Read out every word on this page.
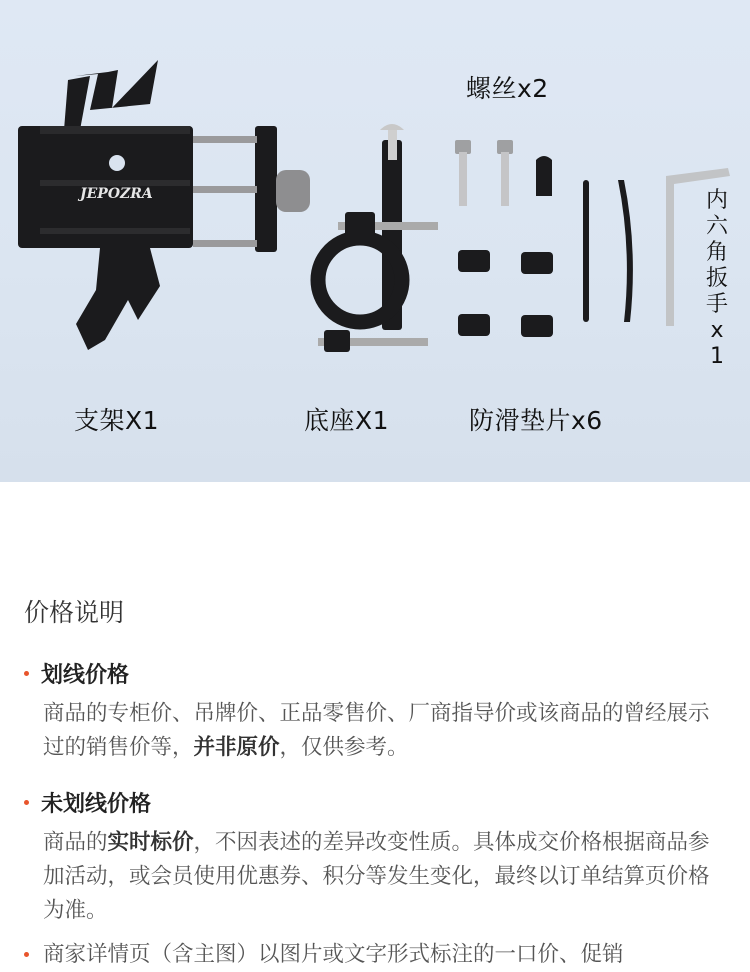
JEPOZRA
螺丝x2
支架X1	底座X1	防滑垫片x6
内
六
角
扳
手
x
1
价格说明
划线价格
商品的专柜价、吊牌价、正品零售价、厂商指导价或该商品的曾经展示过的销售价等，并非原价，仅供参考。
未划线价格
商品的实时标价，不因表述的差异改变性质。具体成交价格根据商品参加活动，或会员使用优惠券、积分等发生变化，最终以订单结算页价格为准。
商家详情页（含主图）以图片或文字形式标注的一口价、促销
